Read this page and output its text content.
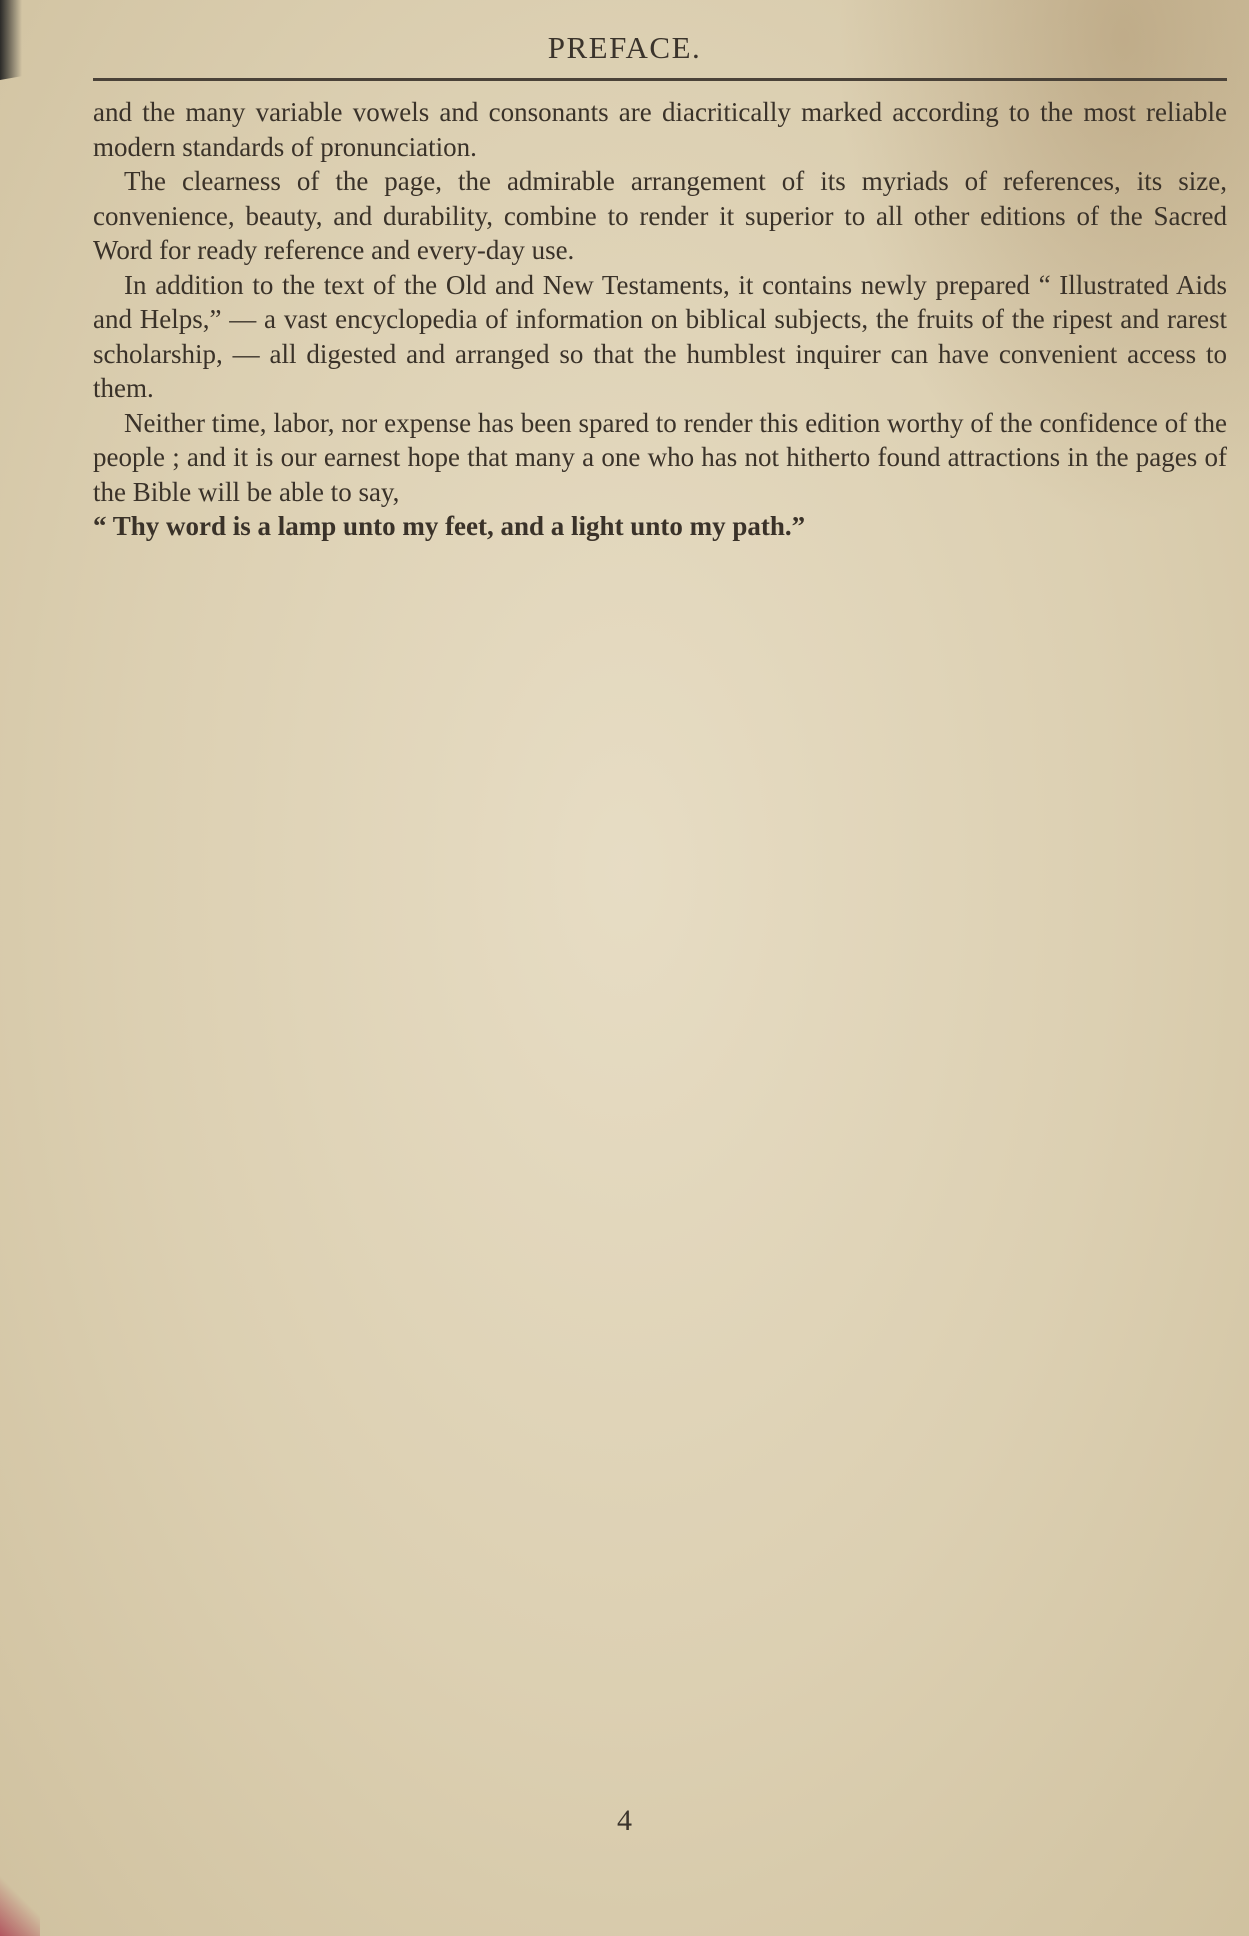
PREFACE.

and the many variable vowels and consonants are diacritically marked according to the most reliable modern standards of pronunciation.

The clearness of the page, the admirable arrangement of its myriads of references, its size, convenience, beauty, and durability, combine to render it superior to all other editions of the Sacred Word for ready reference and every-day use.

In addition to the text of the Old and New Testaments, it contains newly prepared “ Illustrated Aids and Helps,” — a vast encyclopedia of information on biblical subjects, the fruits of the ripest and rarest scholarship, — all digested and arranged so that the humblest inquirer can have convenient access to them.

Neither time, labor, nor expense has been spared to render this edition worthy of the confidence of the people ; and it is our earnest hope that many a one who has not hitherto found attractions in the pages of the Bible will be able to say,

“ Thy word is a lamp unto my feet, and a light unto my path.”

4
